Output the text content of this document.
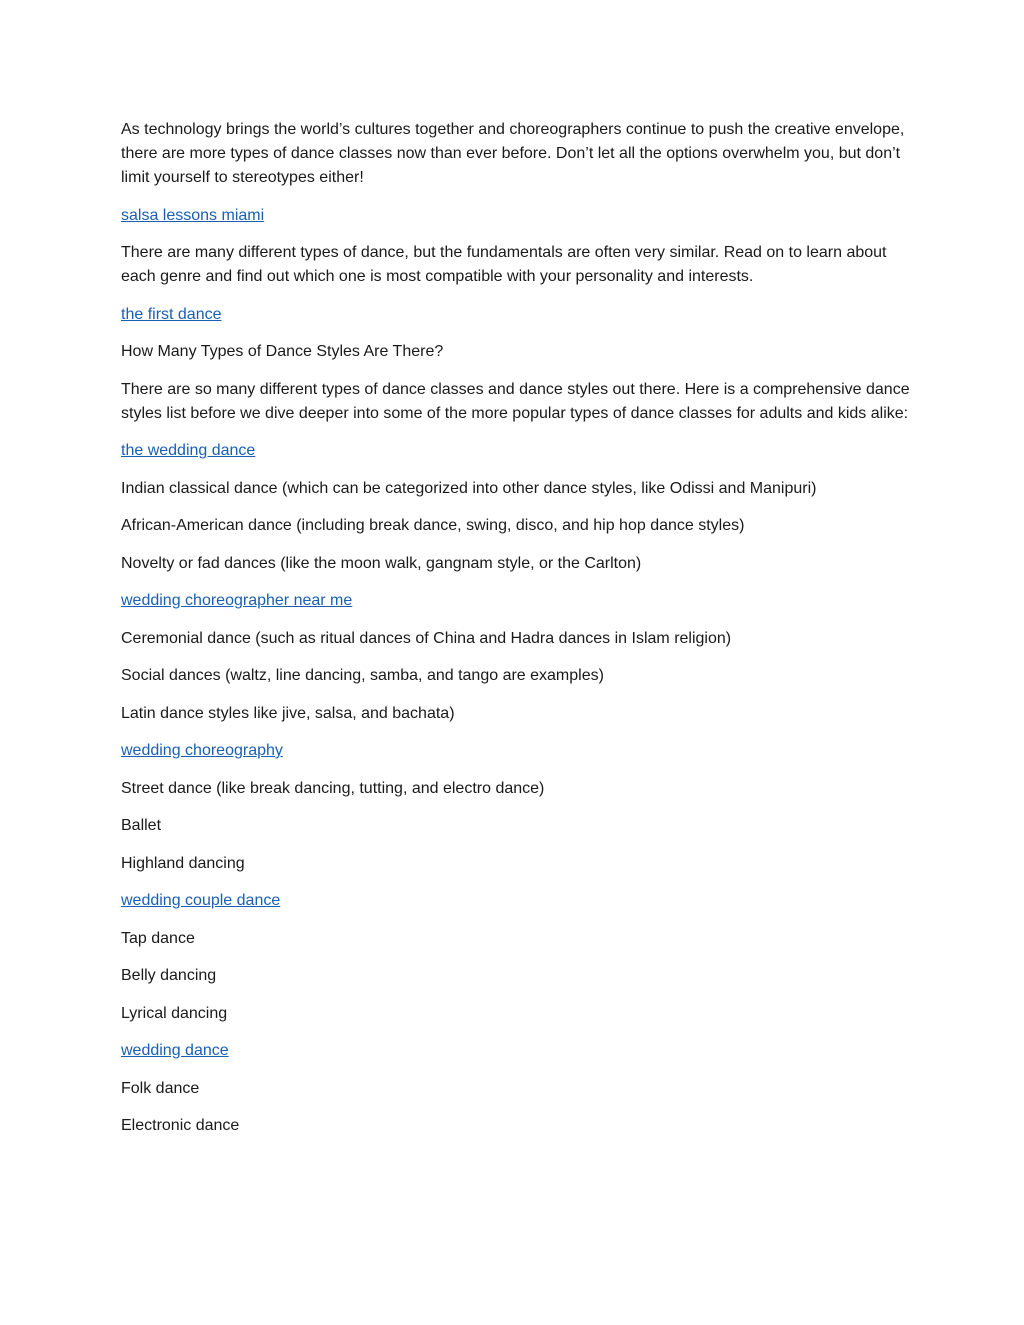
As technology brings the world’s cultures together and choreographers continue to push the creative envelope, there are more types of dance classes now than ever before. Don’t let all the options overwhelm you, but don’t limit yourself to stereotypes either!

salsa lessons miami

There are many different types of dance, but the fundamentals are often very similar. Read on to learn about each genre and find out which one is most compatible with your personality and interests.

the first dance

How Many Types of Dance Styles Are There?

There are so many different types of dance classes and dance styles out there. Here is a comprehensive dance styles list before we dive deeper into some of the more popular types of dance classes for adults and kids alike:

the wedding dance

Indian classical dance (which can be categorized into other dance styles, like Odissi and Manipuri)

African-American dance (including break dance, swing, disco, and hip hop dance styles)

Novelty or fad dances (like the moon walk, gangnam style, or the Carlton)

wedding choreographer near me

Ceremonial dance (such as ritual dances of China and Hadra dances in Islam religion)

Social dances (waltz, line dancing, samba, and tango are examples)

Latin dance styles like jive, salsa, and bachata)

wedding choreography

Street dance (like break dancing, tutting, and electro dance)

Ballet

Highland dancing

wedding couple dance

Tap dance

Belly dancing

Lyrical dancing

wedding dance

Folk dance

Electronic dance
